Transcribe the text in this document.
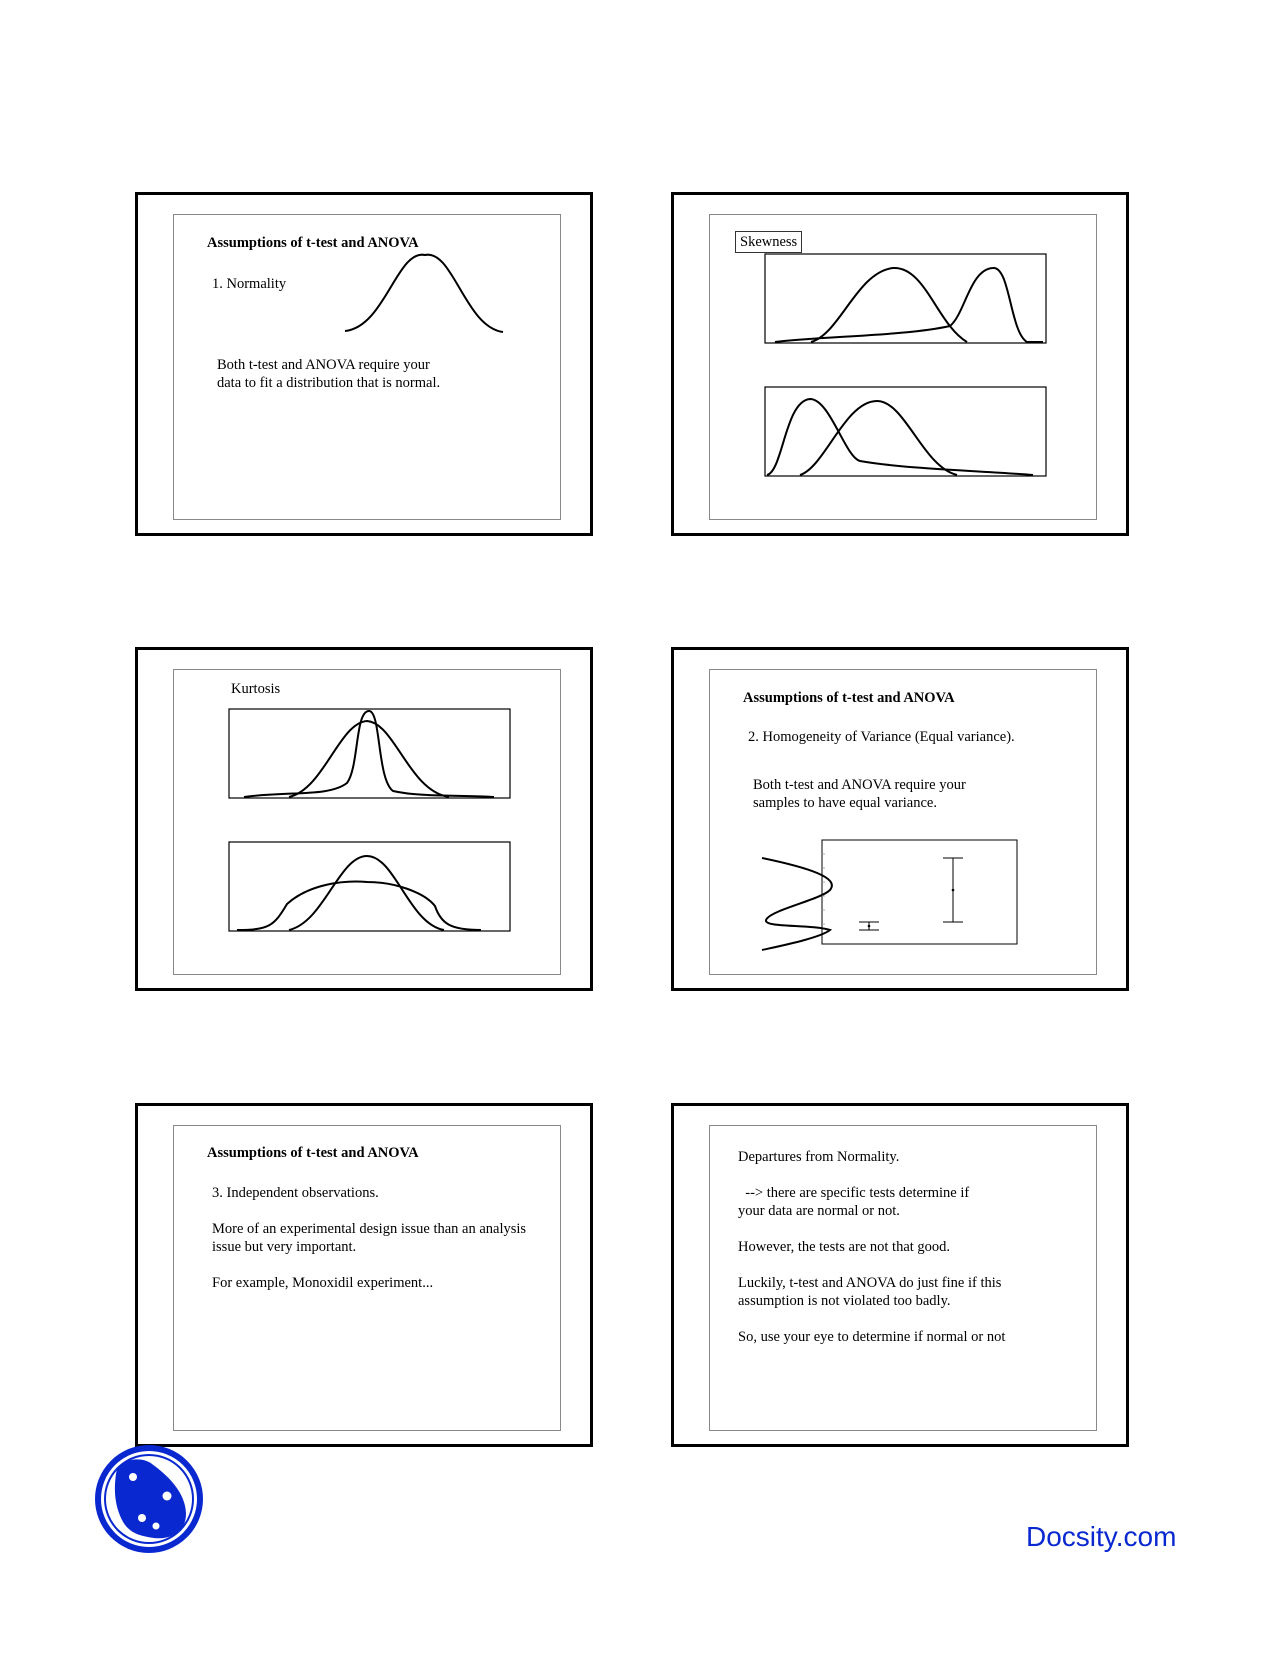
Assumptions of t-test and ANOVA
1. Normality
Both t-test and ANOVA require your
data to fit a distribution that is normal.
Skewness
Kurtosis
Assumptions of t-test and ANOVA
2. Homogeneity of Variance (Equal variance).
Both t-test and ANOVA require your
samples to have equal variance.
Assumptions of t-test and ANOVA
3. Independent observations.
More of an experimental design issue than an analysis
issue but very important.
For example, Monoxidil experiment...
Departures from Normality.
--> there are specific tests determine if
your data are normal or not.
However, the tests are not that good.
Luckily, t-test and ANOVA do just fine if this
assumption is not violated too badly.
So, use your eye to determine if normal or not
Docsity.com
